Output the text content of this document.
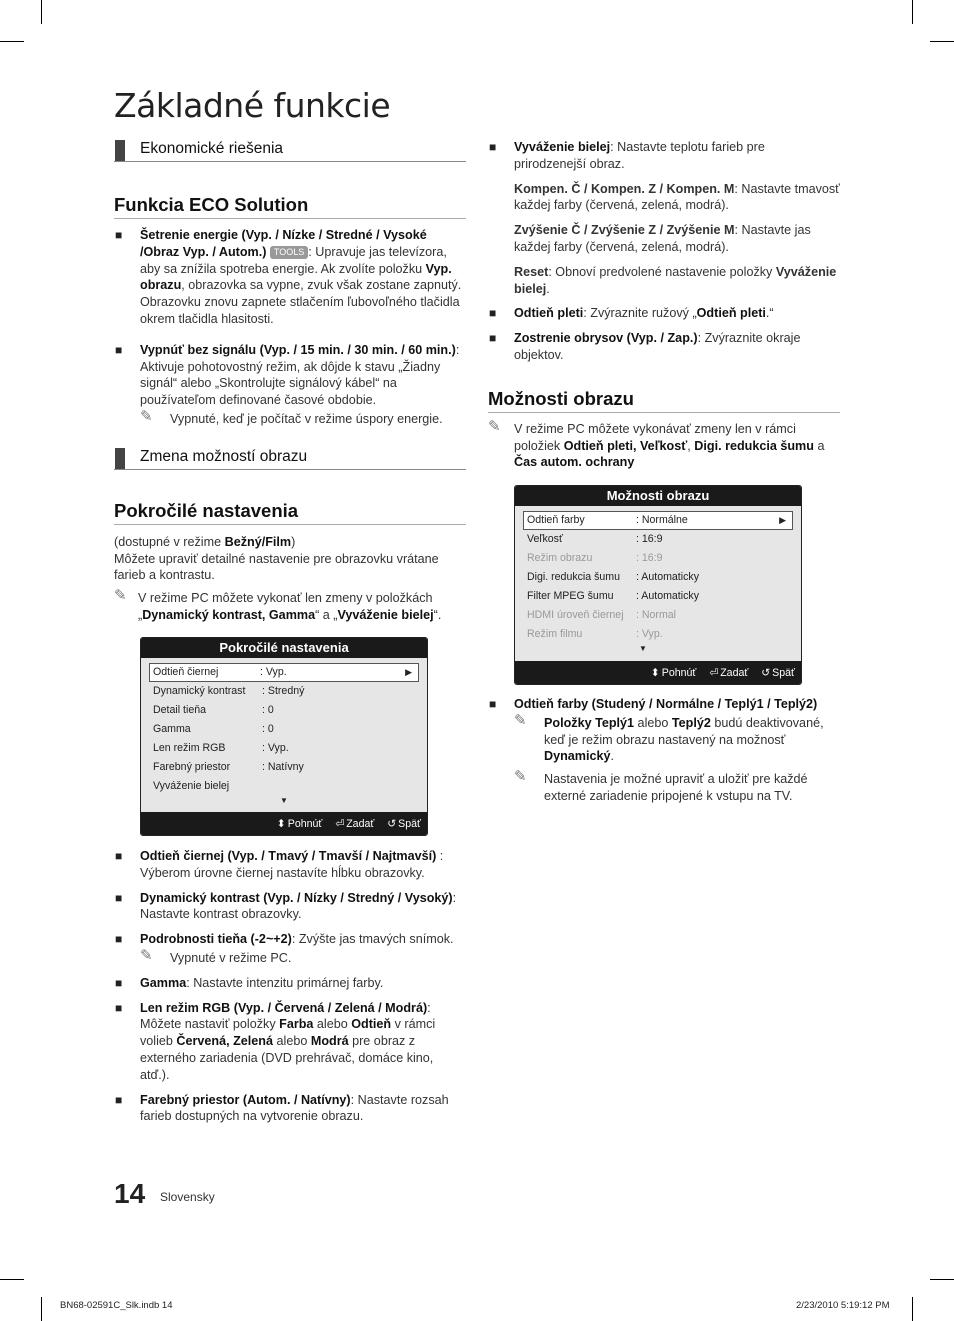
Základné funkcie
Ekonomické riešenia
Funkcia ECO Solution
■ Šetrenie energie (Vyp. / Nízke / Stredné / Vysoké /Obraz Vyp. / Autom.) TOOLS : Upravuje jas televízora, aby sa znížila spotreba energie. Ak zvolíte položku Vyp. obrazu, obrazovka sa vypne, zvuk však zostane zapnutý. Obrazovku znovu zapnete stlačením ľubovoľného tlačidla okrem tlačidla hlasitosti.
■ Vypnúť bez signálu (Vyp. / 15 min. / 30 min. / 60 min.): Aktivuje pohotovostný režim, ak dôjde k stavu „Žiadny signál“ alebo „Skontrolujte signálový kábel“ na používateľom definované časové obdobie.
✎ Vypnuté, keď je počítač v režime úspory energie.
Zmena možností obrazu
Pokročilé nastavenia

(dostupné v režime Bežný/Film)

Môžete upraviť detailné nastavenie pre obrazovku vrátane farieb a kontrastu.

✎ V režime PC môžete vykonať len zmeny v položkách „Dynamický kontrast, Gamma“ a „Vyváženie bielej“.
Pokročilé nastavenia
Odtieň čiernej	: Vyp.	▶
Dynamický kontrast : Stredný
Detail tieňa	: 0
Gamma	: 0
Len režim RGB	: Vyp.
Farebný priestor	: Natívny
Vyváženie bielej
▼
⬍ Pohnúť ⏎ Zadať ↺ Späť
■ Odtieň čiernej (Vyp. / Tmavý / Tmavší / Najtmavší) : Výberom úrovne čiernej nastavíte hĺbku obrazovky.
■ Dynamický kontrast (Vyp. / Nízky / Stredný / Vysoký): Nastavte kontrast obrazovky.
■ Podrobnosti tieňa (-2~+2): Zvýšte jas tmavých snímok.
✎ Vypnuté v režime PC.
■ Gamma: Nastavte intenzitu primárnej farby.
■ Len režim RGB (Vyp. / Červená / Zelená / Modrá): Môžete nastaviť položky Farba alebo Odtieň v rámci volieb Červená, Zelená alebo Modrá pre obraz z externého zariadenia (DVD prehrávač, domáce kino, atď.).
■ Farebný priestor (Autom. / Natívny): Nastavte rozsah farieb dostupných na vytvorenie obrazu.
■ Vyváženie bielej: Nastavte teplotu farieb pre prirodzenejší obraz.
Kompen. Č / Kompen. Z / Kompen. M: Nastavte tmavosť každej farby (červená, zelená, modrá).
Zvýšenie Č / Zvýšenie Z / Zvýšenie M: Nastavte jas každej farby (červená, zelená, modrá).
Reset: Obnoví predvolené nastavenie položky Vyváženie bielej.
■ Odtieň pleti: Zvýraznite ružový „Odtieň pleti.“
■ Zostrenie obrysov (Vyp. / Zap.): Zvýraznite okraje objektov.
Možnosti obrazu
✎ V režime PC môžete vykonávať zmeny len v rámci položiek Odtieň pleti, Veľkosť, Digi. redukcia šumu a Čas autom. ochrany
Možnosti obrazu
Odtieň farby	: Normálne	▶
Veľkosť	: 16:9
Režim obrazu	: 16:9
Digi. redukcia šumu : Automaticky
Filter MPEG šumu : Automaticky
HDMI úroveň čiernej : Normal
Režim filmu	: Vyp.
▼
⬍ Pohnúť ⏎ Zadať ↺ Späť
■ Odtieň farby (Studený / Normálne / Teplý1 / Teplý2)
✎ Položky Teplý1 alebo Teplý2 budú deaktivované, keď je režim obrazu nastavený na možnosť Dynamický.
✎ Nastavenia je možné upraviť a uložiť pre každé externé zariadenie pripojené k vstupu na TV.
14 Slovensky
BN68-02591C_Slk.indb 14	2/23/2010 5:19:12 PM
